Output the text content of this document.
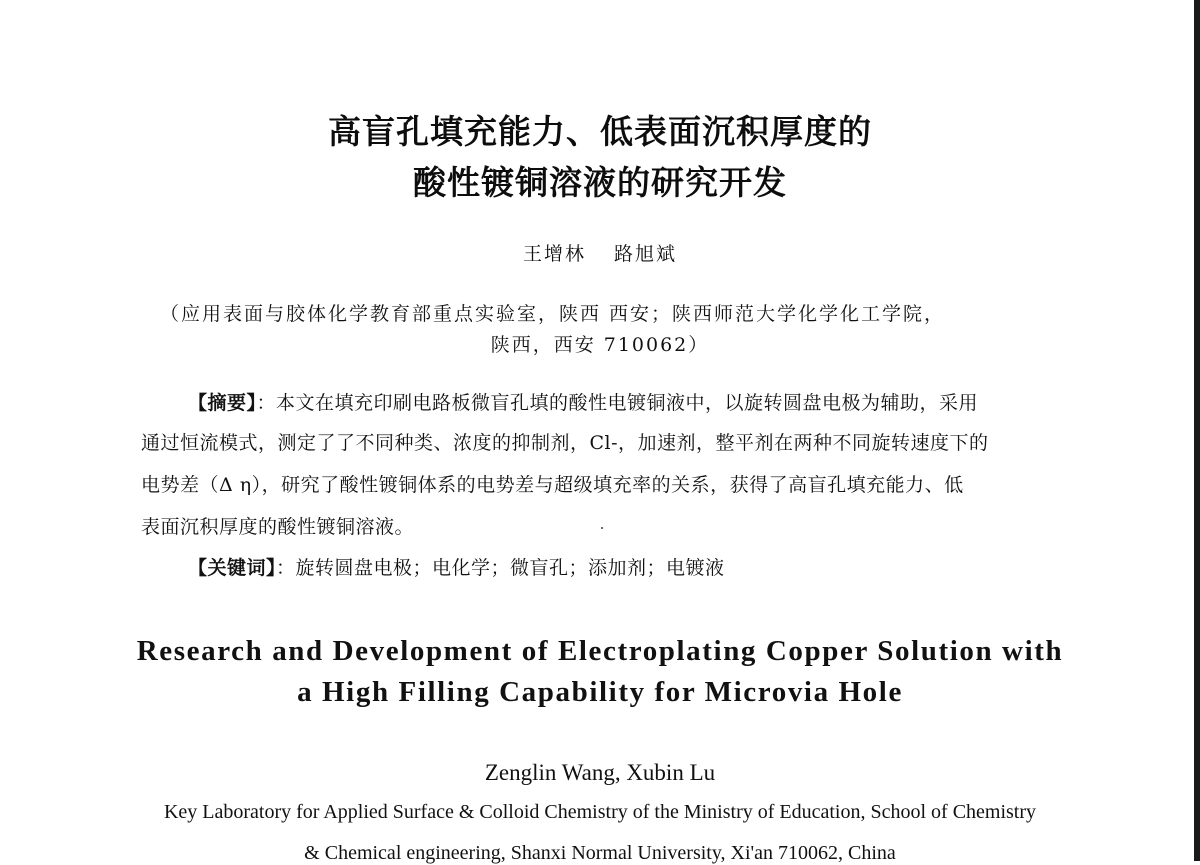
高盲孔填充能力、低表面沉积厚度的

酸性镀铜溶液的研究开发

王增林 路旭斌

（应用表面与胶体化学教育部重点实验室，陕西 西安；陕西师范大学化学化工学院，

陕西，西安 710062）

【摘要】：本文在填充印刷电路板微盲孔填的酸性电镀铜液中，以旋转圆盘电极为辅助，采用

通过恒流模式，测定了了不同种类、浓度的抑制剂，Cl-，加速剂，整平剂在两种不同旋转速度下的

电势差（Δ η），研究了酸性镀铜体系的电势差与超级填充率的关系，获得了高盲孔填充能力、低

表面沉积厚度的酸性镀铜溶液。

【关键词】：旋转圆盘电极；电化学；微盲孔；添加剂；电镀液

Research and Development of Electroplating Copper Solution with

a High Filling Capability for Microvia Hole

Zenglin Wang, Xubin Lu

Key Laboratory for Applied Surface & Colloid Chemistry of the Ministry of Education, School of Chemistry

& Chemical engineering, Shanxi Normal University, Xi'an 710062, China
